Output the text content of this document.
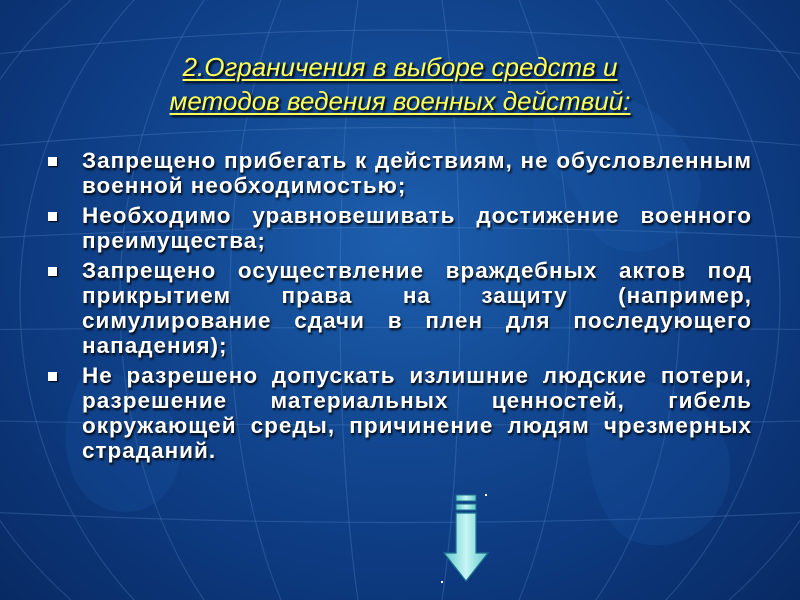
2.Ограничения в выборе средств и
методов ведения военных действий:
Запрещено прибегать к действиям, не обусловленным военной необходимостью;
Необходимо уравновешивать достижение военного преимущества;
Запрещено осуществление враждебных актов под прикрытием права на защиту (например, симулирование сдачи в плен для последующего нападения);
Не разрешено допускать излишние людские потери, разрешение материальных ценностей, гибель окружающей среды, причинение людям чрезмерных страданий.
